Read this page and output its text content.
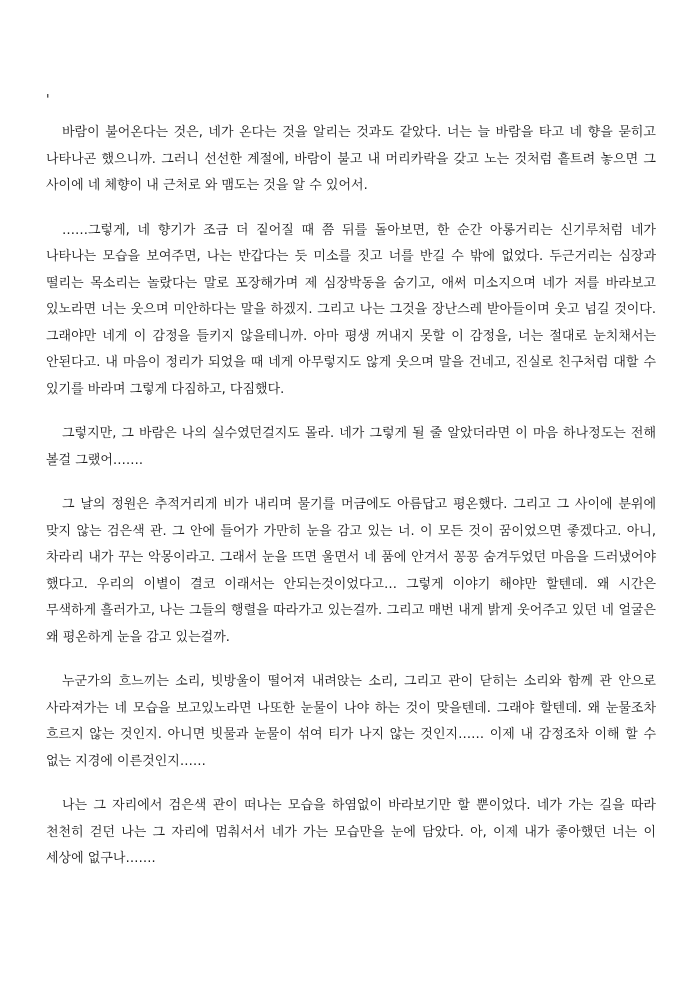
'

바람이 불어온다는 것은, 네가 온다는 것을 알리는 것과도 같았다. 너는 늘 바람을 타고 네 향을 묻히고 나타나곤 했으니까. 그러니 선선한 계절에, 바람이 불고 내 머리카락을 갖고 노는 것처럼 흩트려 놓으면 그 사이에 네 체향이 내 근처로 와 맴도는 것을 알 수 있어서.

……그렇게, 네 향기가 조금 더 짙어질 때 쯤 뒤를 돌아보면, 한 순간 아롱거리는 신기루처럼 네가 나타나는 모습을 보여주면, 나는 반갑다는 듯 미소를 짓고 너를 반길 수 밖에 없었다. 두근거리는 심장과 떨리는 목소리는 놀랐다는 말로 포장해가며 제 심장박동을 숨기고, 애써 미소지으며 네가 저를 바라보고 있노라면 너는 웃으며 미안하다는 말을 하겠지. 그리고 나는 그것을 장난스레 받아들이며 웃고 넘길 것이다. 그래야만 네게 이 감정을 들키지 않을테니까. 아마 평생 꺼내지 못할 이 감정을, 너는 절대로 눈치채서는 안된다고. 내 마음이 정리가 되었을 때 네게 아무렇지도 않게 웃으며 말을 건네고, 진실로 친구처럼 대할 수 있기를 바라며 그렇게 다짐하고, 다짐했다.

그렇지만, 그 바람은 나의 실수였던걸지도 몰라. 네가 그렇게 될 줄 알았더라면 이 마음 하나정도는 전해 볼걸 그랬어…….

그 날의 정원은 추적거리게 비가 내리며 물기를 머금에도 아름답고 평온했다. 그리고 그 사이에 분위에 맞지 않는 검은색 관. 그 안에 들어가 가만히 눈을 감고 있는 너. 이 모든 것이 꿈이었으면 좋겠다고. 아니, 차라리 내가 꾸는 악몽이라고. 그래서 눈을 뜨면 울면서 네 품에 안겨서 꽁꽁 숨겨두었던 마음을 드러냈어야 했다고. 우리의 이별이 결코 이래서는 안되는것이었다고… 그렇게 이야기 해야만 할텐데. 왜 시간은 무색하게 흘러가고, 나는 그들의 행렬을 따라가고 있는걸까. 그리고 매번 내게 밝게 웃어주고 있던 네 얼굴은 왜 평온하게 눈을 감고 있는걸까.

누군가의 흐느끼는 소리, 빗방울이 떨어져 내려앉는 소리, 그리고 관이 닫히는 소리와 함께 관 안으로 사라져가는 네 모습을 보고있노라면 나또한 눈물이 나야 하는 것이 맞을텐데. 그래야 할텐데. 왜 눈물조차 흐르지 않는 것인지. 아니면 빗물과 눈물이 섞여 티가 나지 않는 것인지…… 이제 내 감정조차 이해 할 수 없는 지경에 이른것인지……

나는 그 자리에서 검은색 관이 떠나는 모습을 하염없이 바라보기만 할 뿐이었다. 네가 가는 길을 따라 천천히 걷던 나는 그 자리에 멈춰서서 네가 가는 모습만을 눈에 담았다. 아, 이제 내가 좋아했던 너는 이 세상에 없구나…….
